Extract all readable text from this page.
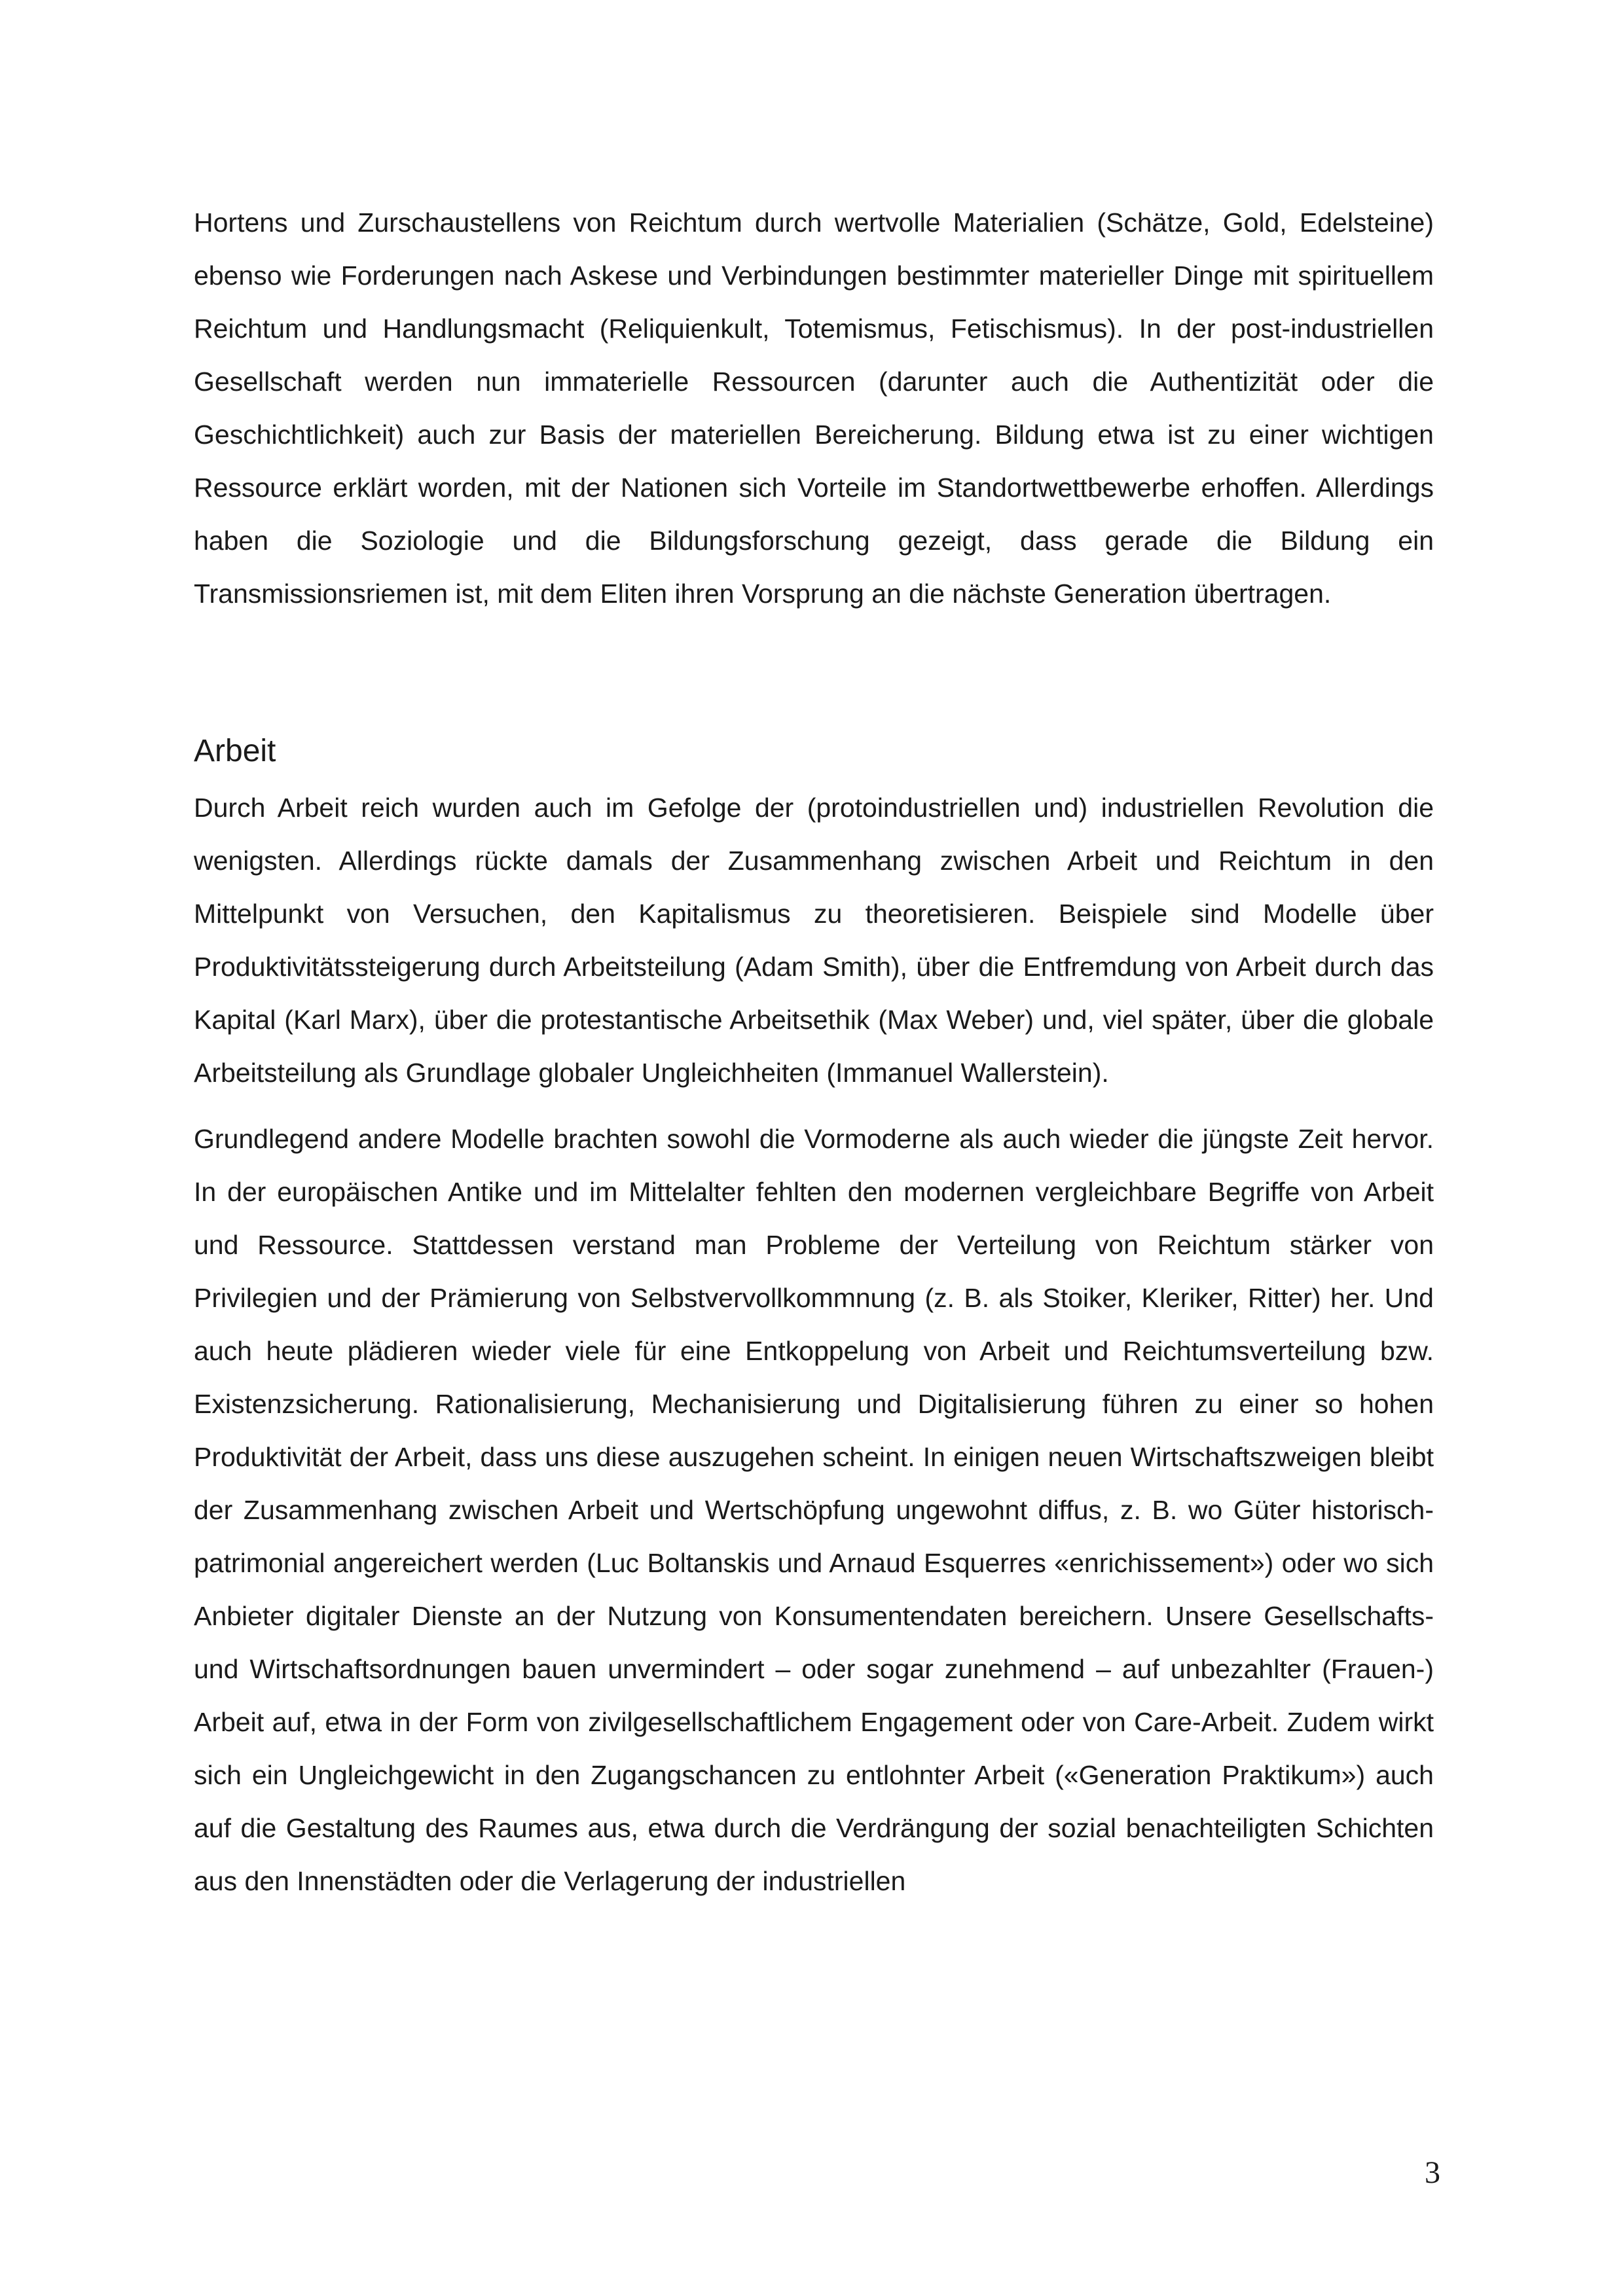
Hortens und Zurschaustellens von Reichtum durch wertvolle Materialien (Schätze, Gold, Edelsteine) ebenso wie Forderungen nach Askese und Verbindungen bestimmter materieller Dinge mit spirituellem Reichtum und Handlungsmacht (Reliquienkult, Totemismus, Fetischismus). In der post-industriellen Gesellschaft werden nun immaterielle Ressourcen (darunter auch die Authentizität oder die Geschichtlichkeit) auch zur Basis der materiellen Bereicherung. Bildung etwa ist zu einer wichtigen Ressource erklärt worden, mit der Nationen sich Vorteile im Standortwettbewerbe erhoffen. Allerdings haben die Soziologie und die Bildungsforschung gezeigt, dass gerade die Bildung ein Transmissionsriemen ist, mit dem Eliten ihren Vorsprung an die nächste Generation übertragen.

Arbeit

Durch Arbeit reich wurden auch im Gefolge der (protoindustriellen und) industriellen Revolution die wenigsten. Allerdings rückte damals der Zusammenhang zwischen Arbeit und Reichtum in den Mittelpunkt von Versuchen, den Kapitalismus zu theoretisieren. Beispiele sind Modelle über Produktivitätssteigerung durch Arbeitsteilung (Adam Smith), über die Entfremdung von Arbeit durch das Kapital (Karl Marx), über die protestantische Arbeitsethik (Max Weber) und, viel später, über die globale Arbeitsteilung als Grundlage globaler Ungleichheiten (Immanuel Wallerstein).

Grundlegend andere Modelle brachten sowohl die Vormoderne als auch wieder die jüngste Zeit hervor. In der europäischen Antike und im Mittelalter fehlten den modernen vergleichbare Begriffe von Arbeit und Ressource. Stattdessen verstand man Probleme der Verteilung von Reichtum stärker von Privilegien und der Prämierung von Selbstvervollkommnung (z. B. als Stoiker, Kleriker, Ritter) her. Und auch heute plädieren wieder viele für eine Entkoppelung von Arbeit und Reichtumsverteilung bzw. Existenzsicherung. Rationalisierung, Mechanisierung und Digitalisierung führen zu einer so hohen Produktivität der Arbeit, dass uns diese auszugehen scheint. In einigen neuen Wirtschaftszweigen bleibt der Zusammenhang zwischen Arbeit und Wertschöpfung ungewohnt diffus, z. B. wo Güter historisch-patrimonial angereichert werden (Luc Boltanskis und Arnaud Esquerres «enrichissement») oder wo sich Anbieter digitaler Dienste an der Nutzung von Konsumentendaten bereichern. Unsere Gesellschafts- und Wirtschaftsordnungen bauen unvermindert – oder sogar zunehmend – auf unbezahlter (Frauen-) Arbeit auf, etwa in der Form von zivilgesellschaftlichem Engagement oder von Care-Arbeit. Zudem wirkt sich ein Ungleichgewicht in den Zugangschancen zu entlohnter Arbeit («Generation Praktikum») auch auf die Gestaltung des Raumes aus, etwa durch die Verdrängung der sozial benachteiligten Schichten aus den Innenstädten oder die Verlagerung der industriellen

3
